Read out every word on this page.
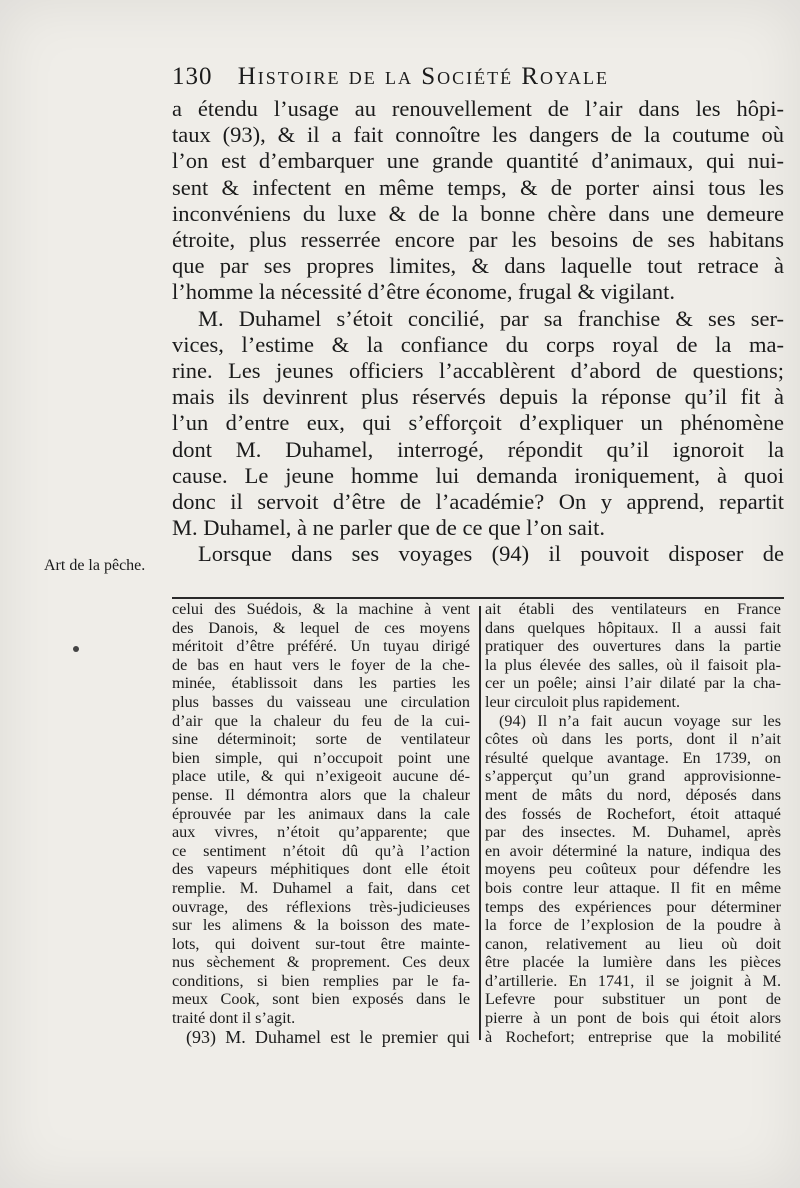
130 Histoire de la Société Royale
a étendu l’usage au renouvellement de l’air dans les hôpi-
taux (93), & il a fait connoître les dangers de la coutume où
l’on est d’embarquer une grande quantité d’animaux, qui nui-
sent & infectent en même temps, & de porter ainsi tous les
inconvéniens du luxe & de la bonne chère dans une demeure
étroite, plus resserrée encore par les besoins de ses habitans
que par ses propres limites, & dans laquelle tout retrace à
l’homme la nécessité d’être économe, frugal & vigilant.
M. Duhamel s’étoit concilié, par sa franchise & ses ser-
vices, l’estime & la confiance du corps royal de la ma-
rine. Les jeunes officiers l’accablèrent d’abord de questions;
mais ils devinrent plus réservés depuis la réponse qu’il fit à
l’un d’entre eux, qui s’efforçoit d’expliquer un phénomène
dont M. Duhamel, interrogé, répondit qu’il ignoroit la
cause. Le jeune homme lui demanda ironiquement, à quoi
donc il servoit d’être de l’académie? On y apprend, repartit
M. Duhamel, à ne parler que de ce que l’on sait.
Lorsque dans ses voyages (94) il pouvoit disposer de
Art de la pêche.
celui des Suédois, & la machine à vent
des Danois, & lequel de ces moyens
méritoit d’être préféré. Un tuyau dirigé
de bas en haut vers le foyer de la che-
minée, établissoit dans les parties les
plus basses du vaisseau une circulation
d’air que la chaleur du feu de la cui-
sine déterminoit; sorte de ventilateur
bien simple, qui n’occupoit point une
place utile, & qui n’exigeoit aucune dé-
pense. Il démontra alors que la chaleur
éprouvée par les animaux dans la cale
aux vivres, n’étoit qu’apparente; que
ce sentiment n’étoit dû qu’à l’action
des vapeurs méphitiques dont elle étoit
remplie. M. Duhamel a fait, dans cet
ouvrage, des réflexions très-judicieuses
sur les alimens & la boisson des mate-
lots, qui doivent sur-tout être mainte-
nus sèchement & proprement. Ces deux
conditions, si bien remplies par le fa-
meux Cook, sont bien exposés dans le
traité dont il s’agit.
(93) M. Duhamel est le premier qui
ait établi des ventilateurs en France
dans quelques hôpitaux. Il a aussi fait
pratiquer des ouvertures dans la partie
la plus élevée des salles, où il faisoit pla-
cer un poêle; ainsi l’air dilaté par la cha-
leur circuloit plus rapidement.
(94) Il n’a fait aucun voyage sur les
côtes où dans les ports, dont il n’ait
résulté quelque avantage. En 1739, on
s’apperçut qu’un grand approvisionne-
ment de mâts du nord, déposés dans
des fossés de Rochefort, étoit attaqué
par des insectes. M. Duhamel, après
en avoir déterminé la nature, indiqua des
moyens peu coûteux pour défendre les
bois contre leur attaque. Il fit en même
temps des expériences pour déterminer
la force de l’explosion de la poudre à
canon, relativement au lieu où doit
être placée la lumière dans les pièces
d’artillerie. En 1741, il se joignit à M.
Lefevre pour substituer un pont de
pierre à un pont de bois qui étoit alors
à Rochefort; entreprise que la mobilité
